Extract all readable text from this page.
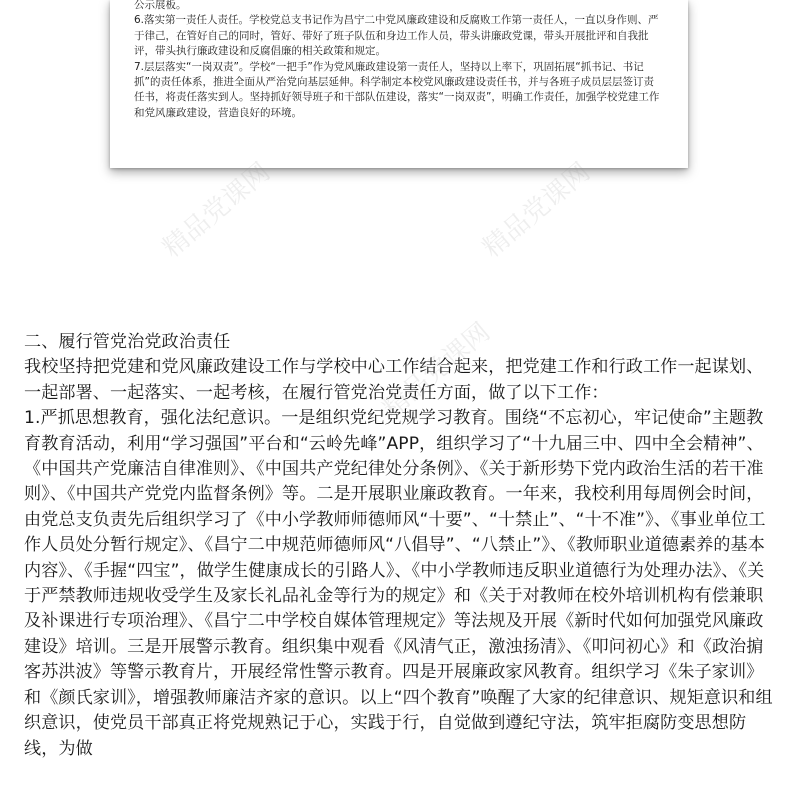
公示展板。

6.落实第一责任人责任。学校党总支书记作为昌宁二中党风廉政建设和反腐败工作第一责任人，一直以身作则、严于律己，在管好自己的同时，管好、带好了班子队伍和身边工作人员，带头讲廉政党课，带头开展批评和自我批评，带头执行廉政建设和反腐倡廉的相关政策和规定。

7.层层落实“一岗双责”。学校“一把手”作为党风廉政建设第一责任人，坚持以上率下，巩固拓展“抓书记、书记抓”的责任体系，推进全面从严治党向基层延伸。科学制定本校党风廉政建设责任书，并与各班子成员层层签订责任书，将责任落实到人。坚持抓好领导班子和干部队伍建设，落实“一岗双责”，明确工作责任，加强学校党建工作和党风廉政建设，营造良好的环境。

精品党课网	精品党课网
精品党课网

二、履行管党治党政治责任

我校坚持把党建和党风廉政建设工作与学校中心工作结合起来，把党建工作和行政工作一起谋划、一起部署、一起落实、一起考核，在履行管党治党责任方面，做了以下工作：

1.严抓思想教育，强化法纪意识。一是组织党纪党规学习教育。围绕“不忘初心，牢记使命”主题教育教育活动，利用“学习强国”平台和“云岭先峰”APP，组织学习了“十九届三中、四中全会精神”、《中国共产党廉洁自律准则》、《中国共产党纪律处分条例》、《关于新形势下党内政治生活的若干准则》、《中国共产党党内监督条例》等。二是开展职业廉政教育。一年来，我校利用每周例会时间，由党总支负责先后组织学习了《中小学教师师德师风“十要”、“十禁止”、“十不准”》、《事业单位工作人员处分暂行规定》、《昌宁二中规范师德师风“八倡导”、“八禁止”》、《教师职业道德素养的基本内容》、《手握“四宝”，做学生健康成长的引路人》、《中小学教师违反职业道德行为处理办法》、《关于严禁教师违规收受学生及家长礼品礼金等行为的规定》和《关于对教师在校外培训机构有偿兼职及补课进行专项治理》、《昌宁二中学校自媒体管理规定》等法规及开展《新时代如何加强党风廉政建设》培训。三是开展警示教育。组织集中观看《风清气正，激浊扬清》、《叩问初心》和《政治掮客苏洪波》等警示教育片，开展经常性警示教育。四是开展廉政家风教育。组织学习《朱子家训》和《颜氏家训》，增强教师廉洁齐家的意识。以上“四个教育”唤醒了大家的纪律意识、规矩意识和组织意识，使党员干部真正将党规熟记于心，实践于行，自觉做到遵纪守法，筑牢拒腐防变思想防线，为做
